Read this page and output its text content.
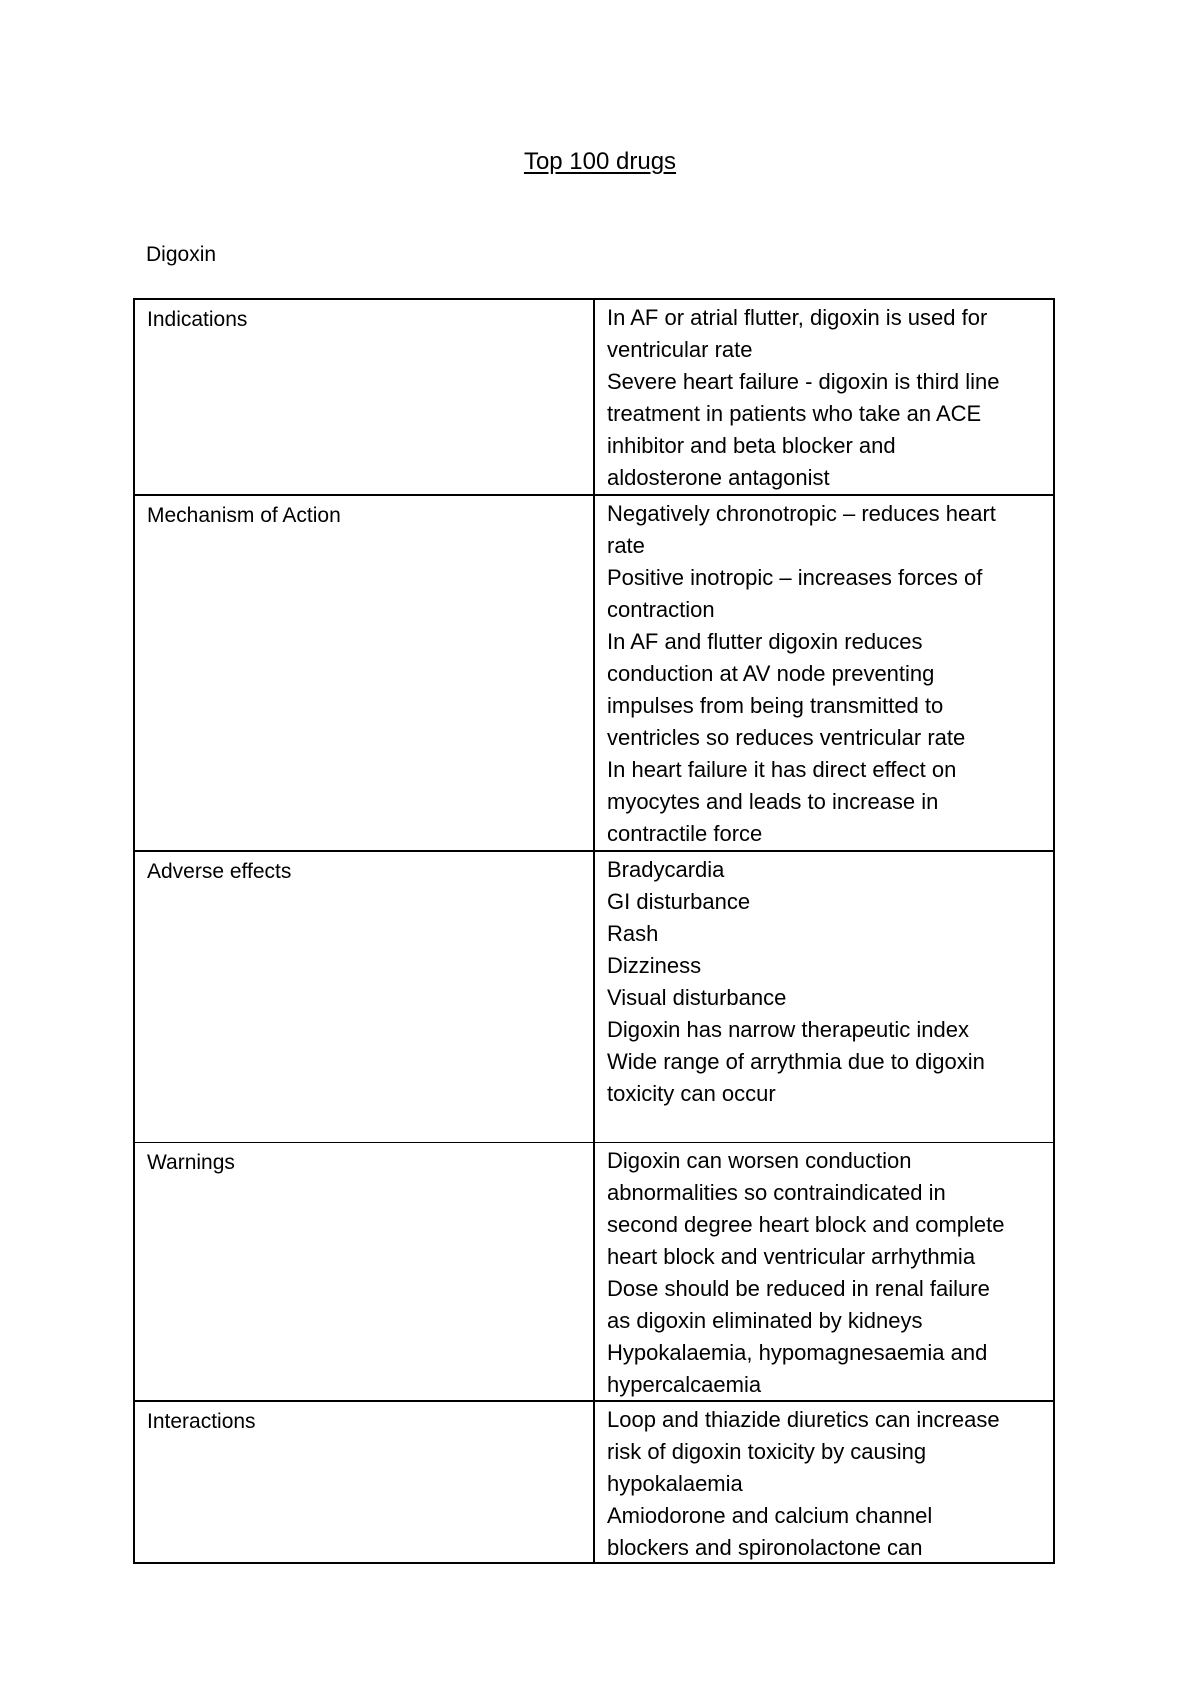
Top 100 drugs
Digoxin
Indications	In AF or atrial flutter, digoxin is used for
ventricular rate
Severe heart failure - digoxin is third line
treatment in patients who take an ACE
inhibitor and beta blocker and
aldosterone antagonist
Mechanism of Action	Negatively chronotropic – reduces heart
rate
Positive inotropic – increases forces of
contraction
In AF and flutter digoxin reduces
conduction at AV node preventing
impulses from being transmitted to
ventricles so reduces ventricular rate
In heart failure it has direct effect on
myocytes and leads to increase in
contractile force
Adverse effects	Bradycardia
GI disturbance
Rash
Dizziness
Visual disturbance
Digoxin has narrow therapeutic index
Wide range of arrythmia due to digoxin
toxicity can occur
Warnings	Digoxin can worsen conduction
abnormalities so contraindicated in
second degree heart block and complete
heart block and ventricular arrhythmia
Dose should be reduced in renal failure
as digoxin eliminated by kidneys
Hypokalaemia, hypomagnesaemia and
hypercalcaemia
Interactions	Loop and thiazide diuretics can increase
risk of digoxin toxicity by causing
hypokalaemia
Amiodorone and calcium channel
blockers and spironolactone can
